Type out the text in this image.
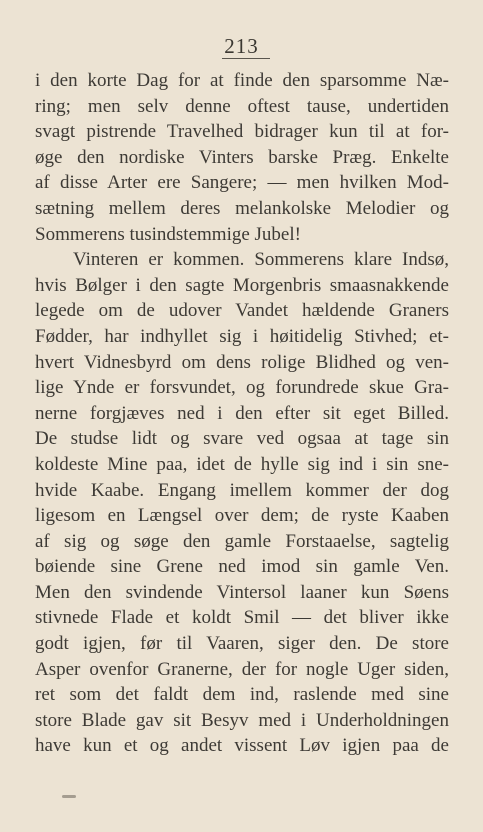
213
i den korte Dag for at finde den sparsomme Næ-
ring; men selv denne oftest tause, undertiden
svagt pistrende Travelhed bidrager kun til at for-
øge den nordiske Vinters barske Præg. Enkelte
af disse Arter ere Sangere; — men hvilken Mod-
sætning mellem deres melankolske Melodier og
Sommerens tusindstemmige Jubel!
Vinteren er kommen. Sommerens klare Indsø,
hvis Bølger i den sagte Morgenbris smaasnakkende
legede om de udover Vandet hældende Graners
Fødder, har indhyllet sig i høitidelig Stivhed; et-
hvert Vidnesbyrd om dens rolige Blidhed og ven-
lige Ynde er forsvundet, og forundrede skue Gra-
nerne forgjæves ned i den efter sit eget Billed.
De studse lidt og svare ved ogsaa at tage sin
koldeste Mine paa, idet de hylle sig ind i sin sne-
hvide Kaabe. Engang imellem kommer der dog
ligesom en Længsel over dem; de ryste Kaaben
af sig og søge den gamle Forstaaelse, sagtelig
bøiende sine Grene ned imod sin gamle Ven.
Men den svindende Vintersol laaner kun Søens
stivnede Flade et koldt Smil — det bliver ikke
godt igjen, før til Vaaren, siger den. De store
Asper ovenfor Granerne, der for nogle Uger siden,
ret som det faldt dem ind, raslende med sine
store Blade gav sit Besyv med i Underholdningen
have kun et og andet vissent Løv igjen paa de
